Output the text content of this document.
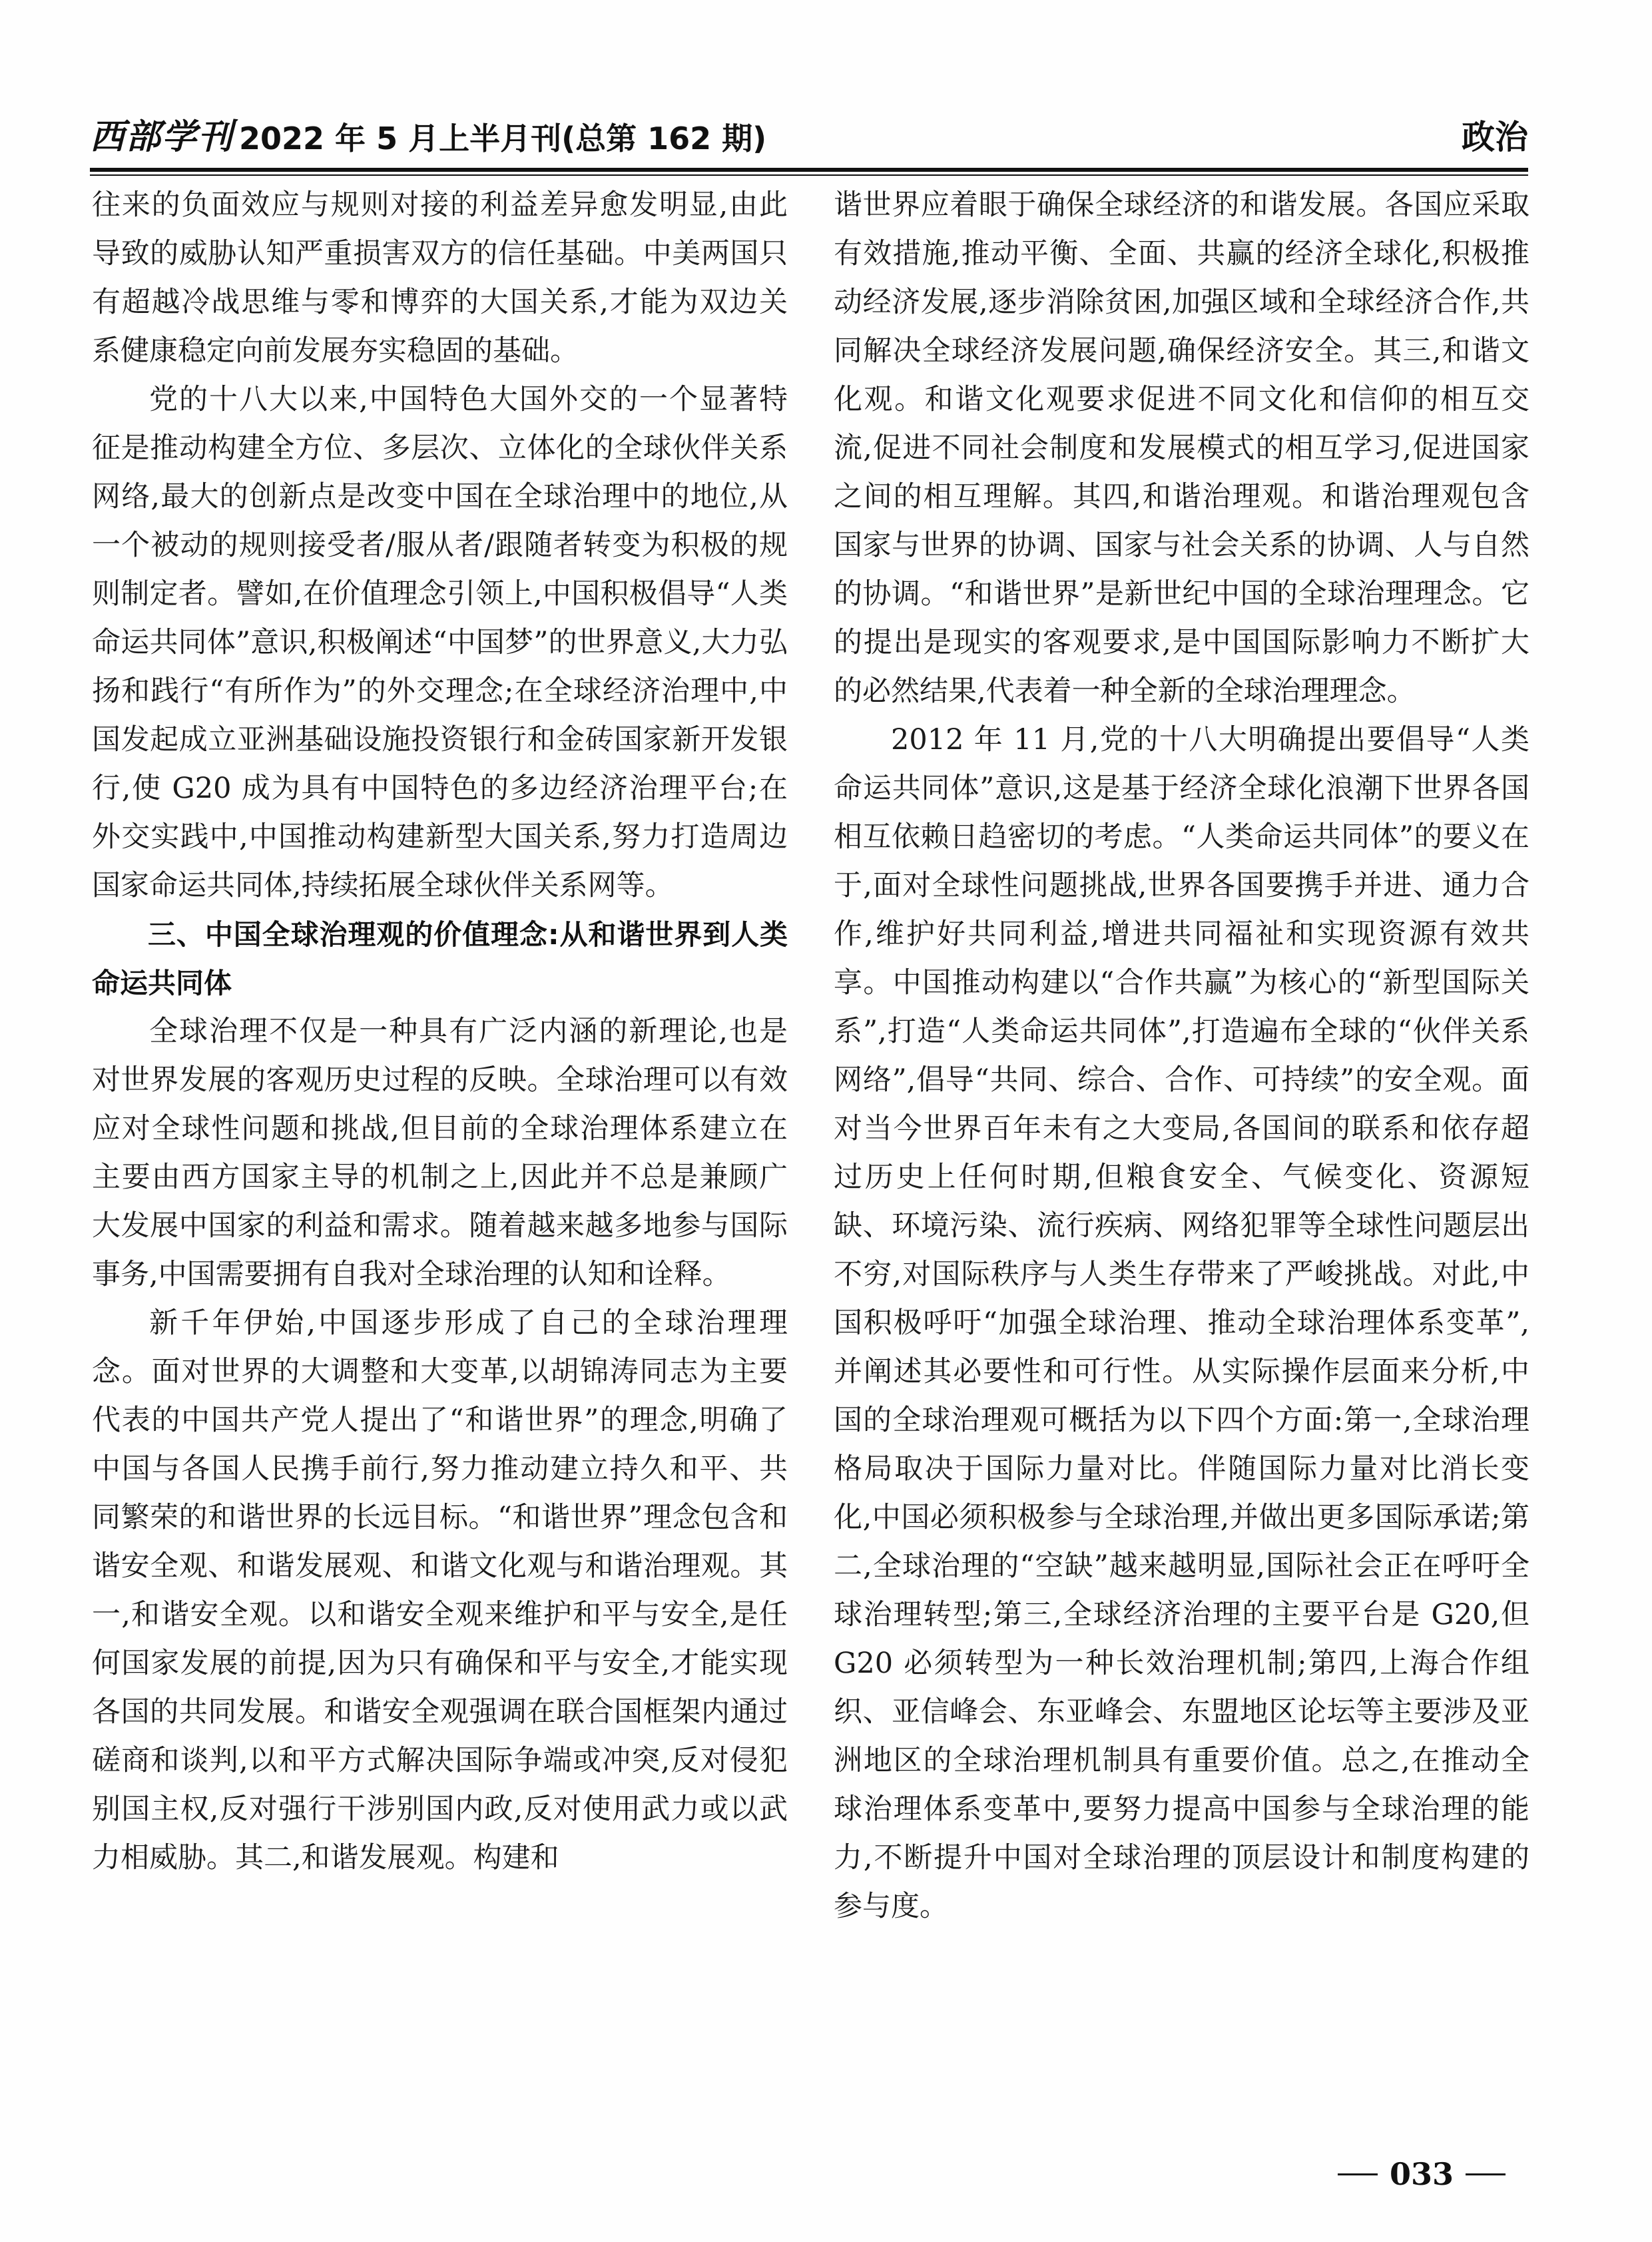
西部学刊 2022 年 5 月上半月刊(总第 162 期)	政治

往来的负面效应与规则对接的利益差异愈发明显,由此导致的威胁认知严重损害双方的信任基础。中美两国只有超越冷战思维与零和博弈的大国关系,才能为双边关系健康稳定向前发展夯实稳固的基础。

党的十八大以来,中国特色大国外交的一个显著特征是推动构建全方位、多层次、立体化的全球伙伴关系网络,最大的创新点是改变中国在全球治理中的地位,从一个被动的规则接受者/服从者/跟随者转变为积极的规则制定者。譬如,在价值理念引领上,中国积极倡导“人类命运共同体”意识,积极阐述“中国梦”的世界意义,大力弘扬和践行“有所作为”的外交理念;在全球经济治理中,中国发起成立亚洲基础设施投资银行和金砖国家新开发银行,使 G20 成为具有中国特色的多边经济治理平台;在外交实践中,中国推动构建新型大国关系,努力打造周边国家命运共同体,持续拓展全球伙伴关系网等。

三、中国全球治理观的价值理念:从和谐世界到人类命运共同体

全球治理不仅是一种具有广泛内涵的新理论,也是对世界发展的客观历史过程的反映。全球治理可以有效应对全球性问题和挑战,但目前的全球治理体系建立在主要由西方国家主导的机制之上,因此并不总是兼顾广大发展中国家的利益和需求。随着越来越多地参与国际事务,中国需要拥有自我对全球治理的认知和诠释。

新千年伊始,中国逐步形成了自己的全球治理理念。面对世界的大调整和大变革,以胡锦涛同志为主要代表的中国共产党人提出了“和谐世界”的理念,明确了中国与各国人民携手前行,努力推动建立持久和平、共同繁荣的和谐世界的长远目标。“和谐世界”理念包含和谐安全观、和谐发展观、和谐文化观与和谐治理观。其一,和谐安全观。以和谐安全观来维护和平与安全,是任何国家发展的前提,因为只有确保和平与安全,才能实现各国的共同发展。和谐安全观强调在联合国框架内通过磋商和谈判,以和平方式解决国际争端或冲突,反对侵犯别国主权,反对强行干涉别国内政,反对使用武力或以武力相威胁。其二,和谐发展观。构建和

谐世界应着眼于确保全球经济的和谐发展。各国应采取有效措施,推动平衡、全面、共赢的经济全球化,积极推动经济发展,逐步消除贫困,加强区域和全球经济合作,共同解决全球经济发展问题,确保经济安全。其三,和谐文化观。和谐文化观要求促进不同文化和信仰的相互交流,促进不同社会制度和发展模式的相互学习,促进国家之间的相互理解。其四,和谐治理观。和谐治理观包含国家与世界的协调、国家与社会关系的协调、人与自然的协调。“和谐世界”是新世纪中国的全球治理理念。它的提出是现实的客观要求,是中国国际影响力不断扩大的必然结果,代表着一种全新的全球治理理念。

2012 年 11 月,党的十八大明确提出要倡导“人类命运共同体”意识,这是基于经济全球化浪潮下世界各国相互依赖日趋密切的考虑。“人类命运共同体”的要义在于,面对全球性问题挑战,世界各国要携手并进、通力合作,维护好共同利益,增进共同福祉和实现资源有效共享。中国推动构建以“合作共赢”为核心的“新型国际关系”,打造“人类命运共同体”,打造遍布全球的“伙伴关系网络”,倡导“共同、综合、合作、可持续”的安全观。面对当今世界百年未有之大变局,各国间的联系和依存超过历史上任何时期,但粮食安全、气候变化、资源短缺、环境污染、流行疾病、网络犯罪等全球性问题层出不穷,对国际秩序与人类生存带来了严峻挑战。对此,中国积极呼吁“加强全球治理、推动全球治理体系变革”,并阐述其必要性和可行性。从实际操作层面来分析,中国的全球治理观可概括为以下四个方面:第一,全球治理格局取决于国际力量对比。伴随国际力量对比消长变化,中国必须积极参与全球治理,并做出更多国际承诺;第二,全球治理的“空缺”越来越明显,国际社会正在呼吁全球治理转型;第三,全球经济治理的主要平台是 G20,但 G20 必须转型为一种长效治理机制;第四,上海合作组织、亚信峰会、东亚峰会、东盟地区论坛等主要涉及亚洲地区的全球治理机制具有重要价值。总之,在推动全球治理体系变革中,要努力提高中国参与全球治理的能力,不断提升中国对全球治理的顶层设计和制度构建的参与度。

033
